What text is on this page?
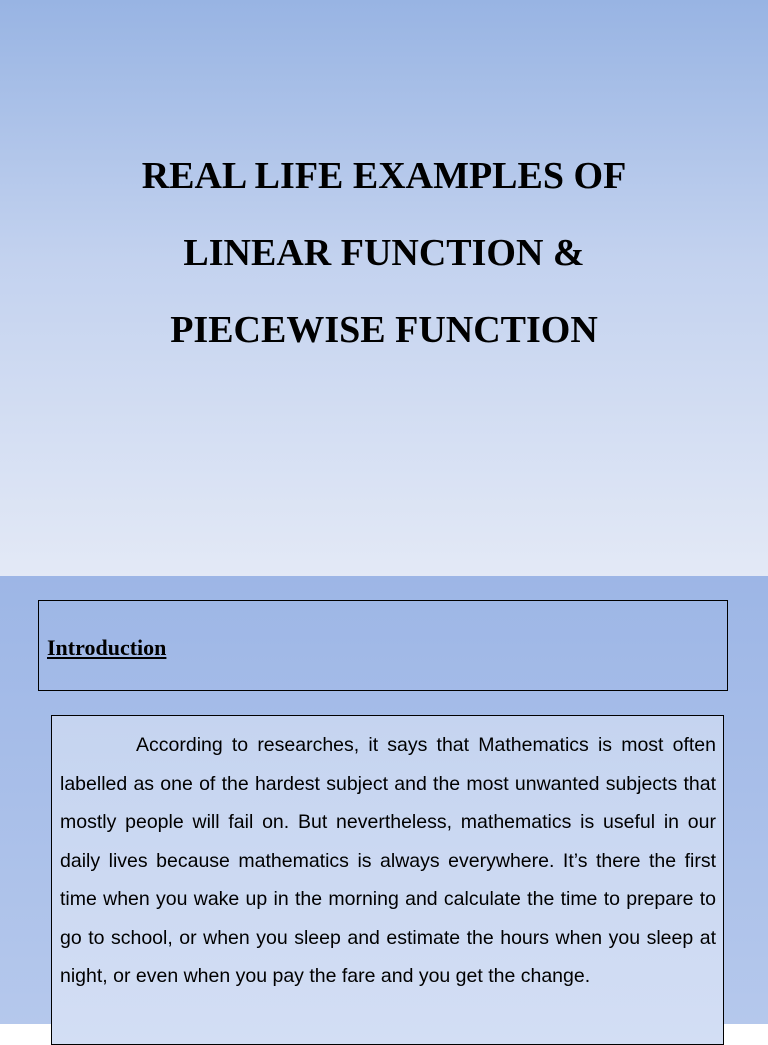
REAL LIFE EXAMPLES OF
LINEAR FUNCTION &
PIECEWISE FUNCTION
Introduction

According to researches, it says that Mathematics is most often labelled as one of the hardest subject and the most unwanted subjects that mostly people will fail on. But nevertheless, mathematics is useful in our daily lives because mathematics is always everywhere. It’s there the first time when you wake up in the morning and calculate the time to prepare to go to school, or when you sleep and estimate the hours when you sleep at night, or even when you pay the fare and you get the change.
